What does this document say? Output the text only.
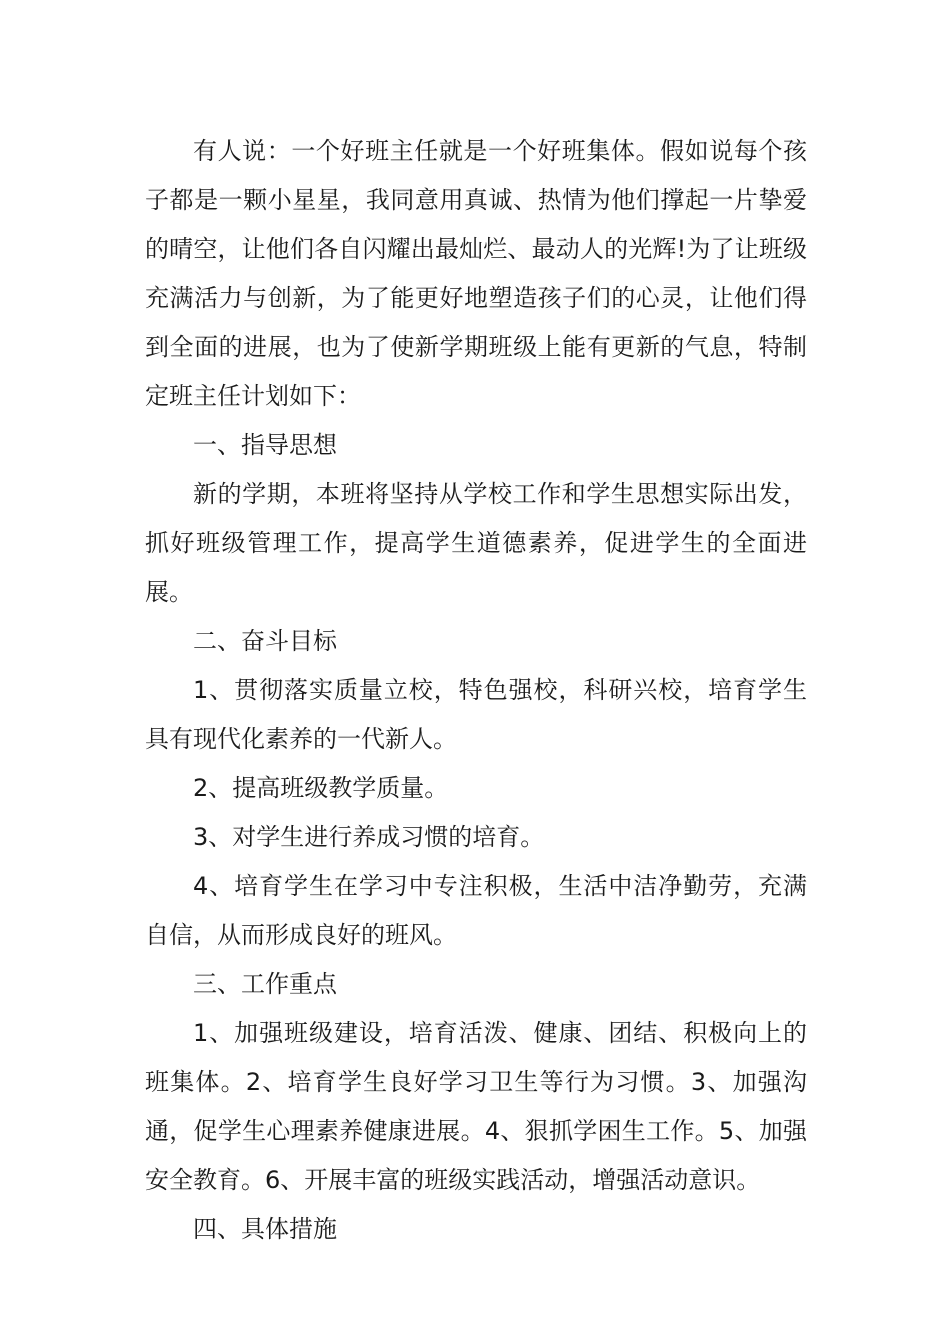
有人说：一个好班主任就是一个好班集体。假如说每个孩子都是一颗小星星，我同意用真诚、热情为他们撑起一片挚爱的晴空，让他们各自闪耀出最灿烂、最动人的光辉!为了让班级充满活力与创新，为了能更好地塑造孩子们的心灵，让他们得到全面的进展，也为了使新学期班级上能有更新的气息，特制定班主任计划如下：

一、指导思想

新的学期，本班将坚持从学校工作和学生思想实际出发，抓好班级管理工作，提高学生道德素养，促进学生的全面进展。

二、奋斗目标

1、贯彻落实质量立校，特色强校，科研兴校，培育学生具有现代化素养的一代新人。

2、提高班级教学质量。

3、对学生进行养成习惯的培育。

4、培育学生在学习中专注积极，生活中洁净勤劳，充满自信，从而形成良好的班风。

三、工作重点

1、加强班级建设，培育活泼、健康、团结、积极向上的班集体。2、培育学生良好学习卫生等行为习惯。3、加强沟通，促学生心理素养健康进展。4、狠抓学困生工作。5、加强安全教育。6、开展丰富的班级实践活动，增强活动意识。

四、具体措施
